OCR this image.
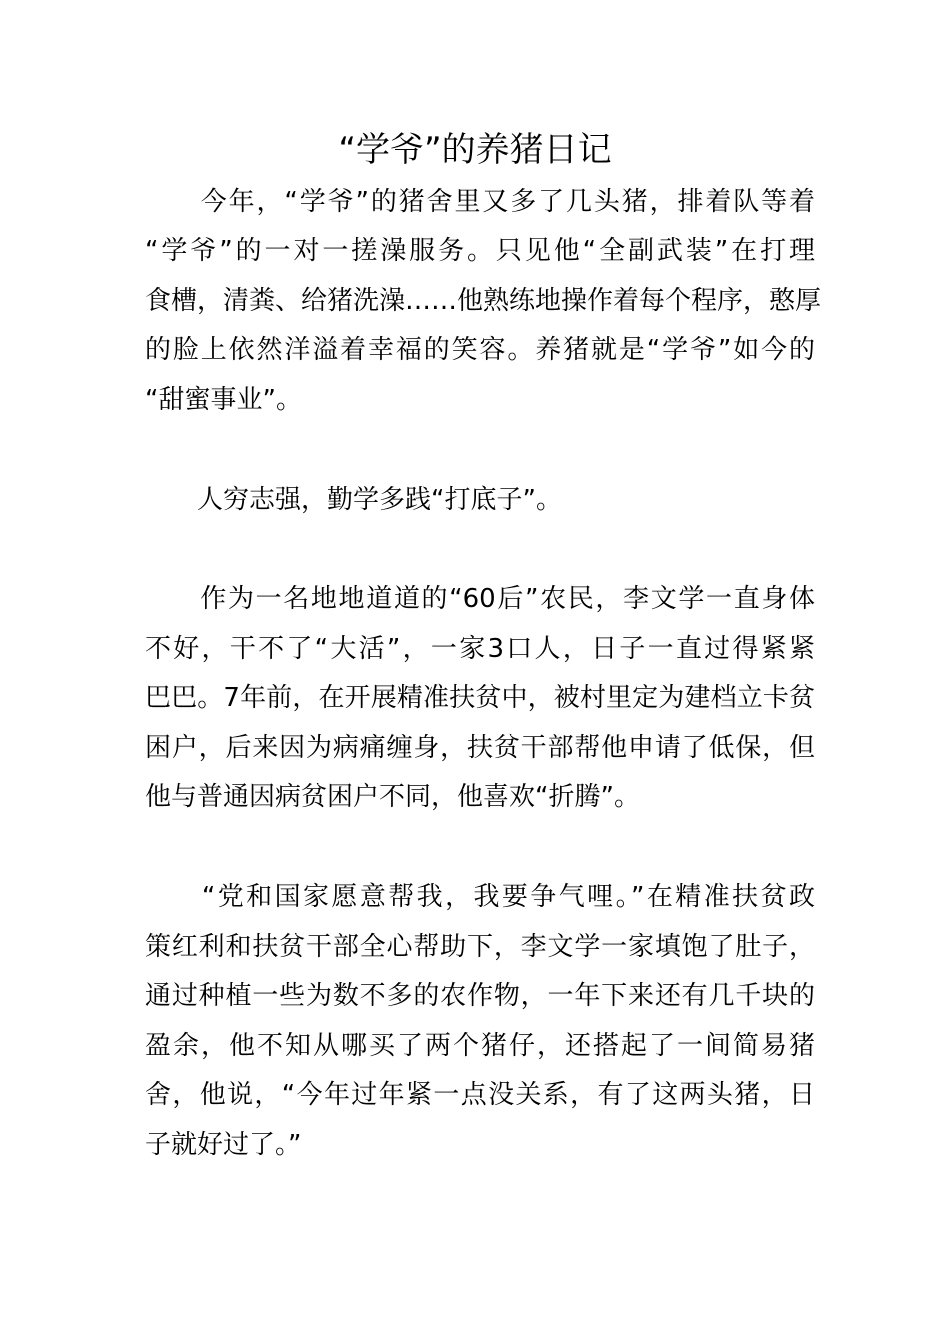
“学爷”的养猪日记
　　今年，“学爷”的猪舍里又多了几头猪，排着队等着
“学爷”的一对一搓澡服务。只见他“全副武装”在打理
食槽，清粪、给猪洗澡……他熟练地操作着每个程序，憨厚
的脸上依然洋溢着幸福的笑容。养猪就是“学爷”如今的
“甜蜜事业”。
　　人穷志强，勤学多践“打底子”。
　　作为一名地地道道的“60后”农民，李文学一直身体
不好，干不了“大活”，一家3口人，日子一直过得紧紧
巴巴。7年前，在开展精准扶贫中，被村里定为建档立卡贫
困户，后来因为病痛缠身，扶贫干部帮他申请了低保，但
他与普通因病贫困户不同，他喜欢“折腾”。
　　“党和国家愿意帮我，我要争气哩。”在精准扶贫政
策红利和扶贫干部全心帮助下，李文学一家填饱了肚子，
通过种植一些为数不多的农作物，一年下来还有几千块的
盈余，他不知从哪买了两个猪仔，还搭起了一间简易猪
舍，他说，“今年过年紧一点没关系，有了这两头猪，日
子就好过了。”
